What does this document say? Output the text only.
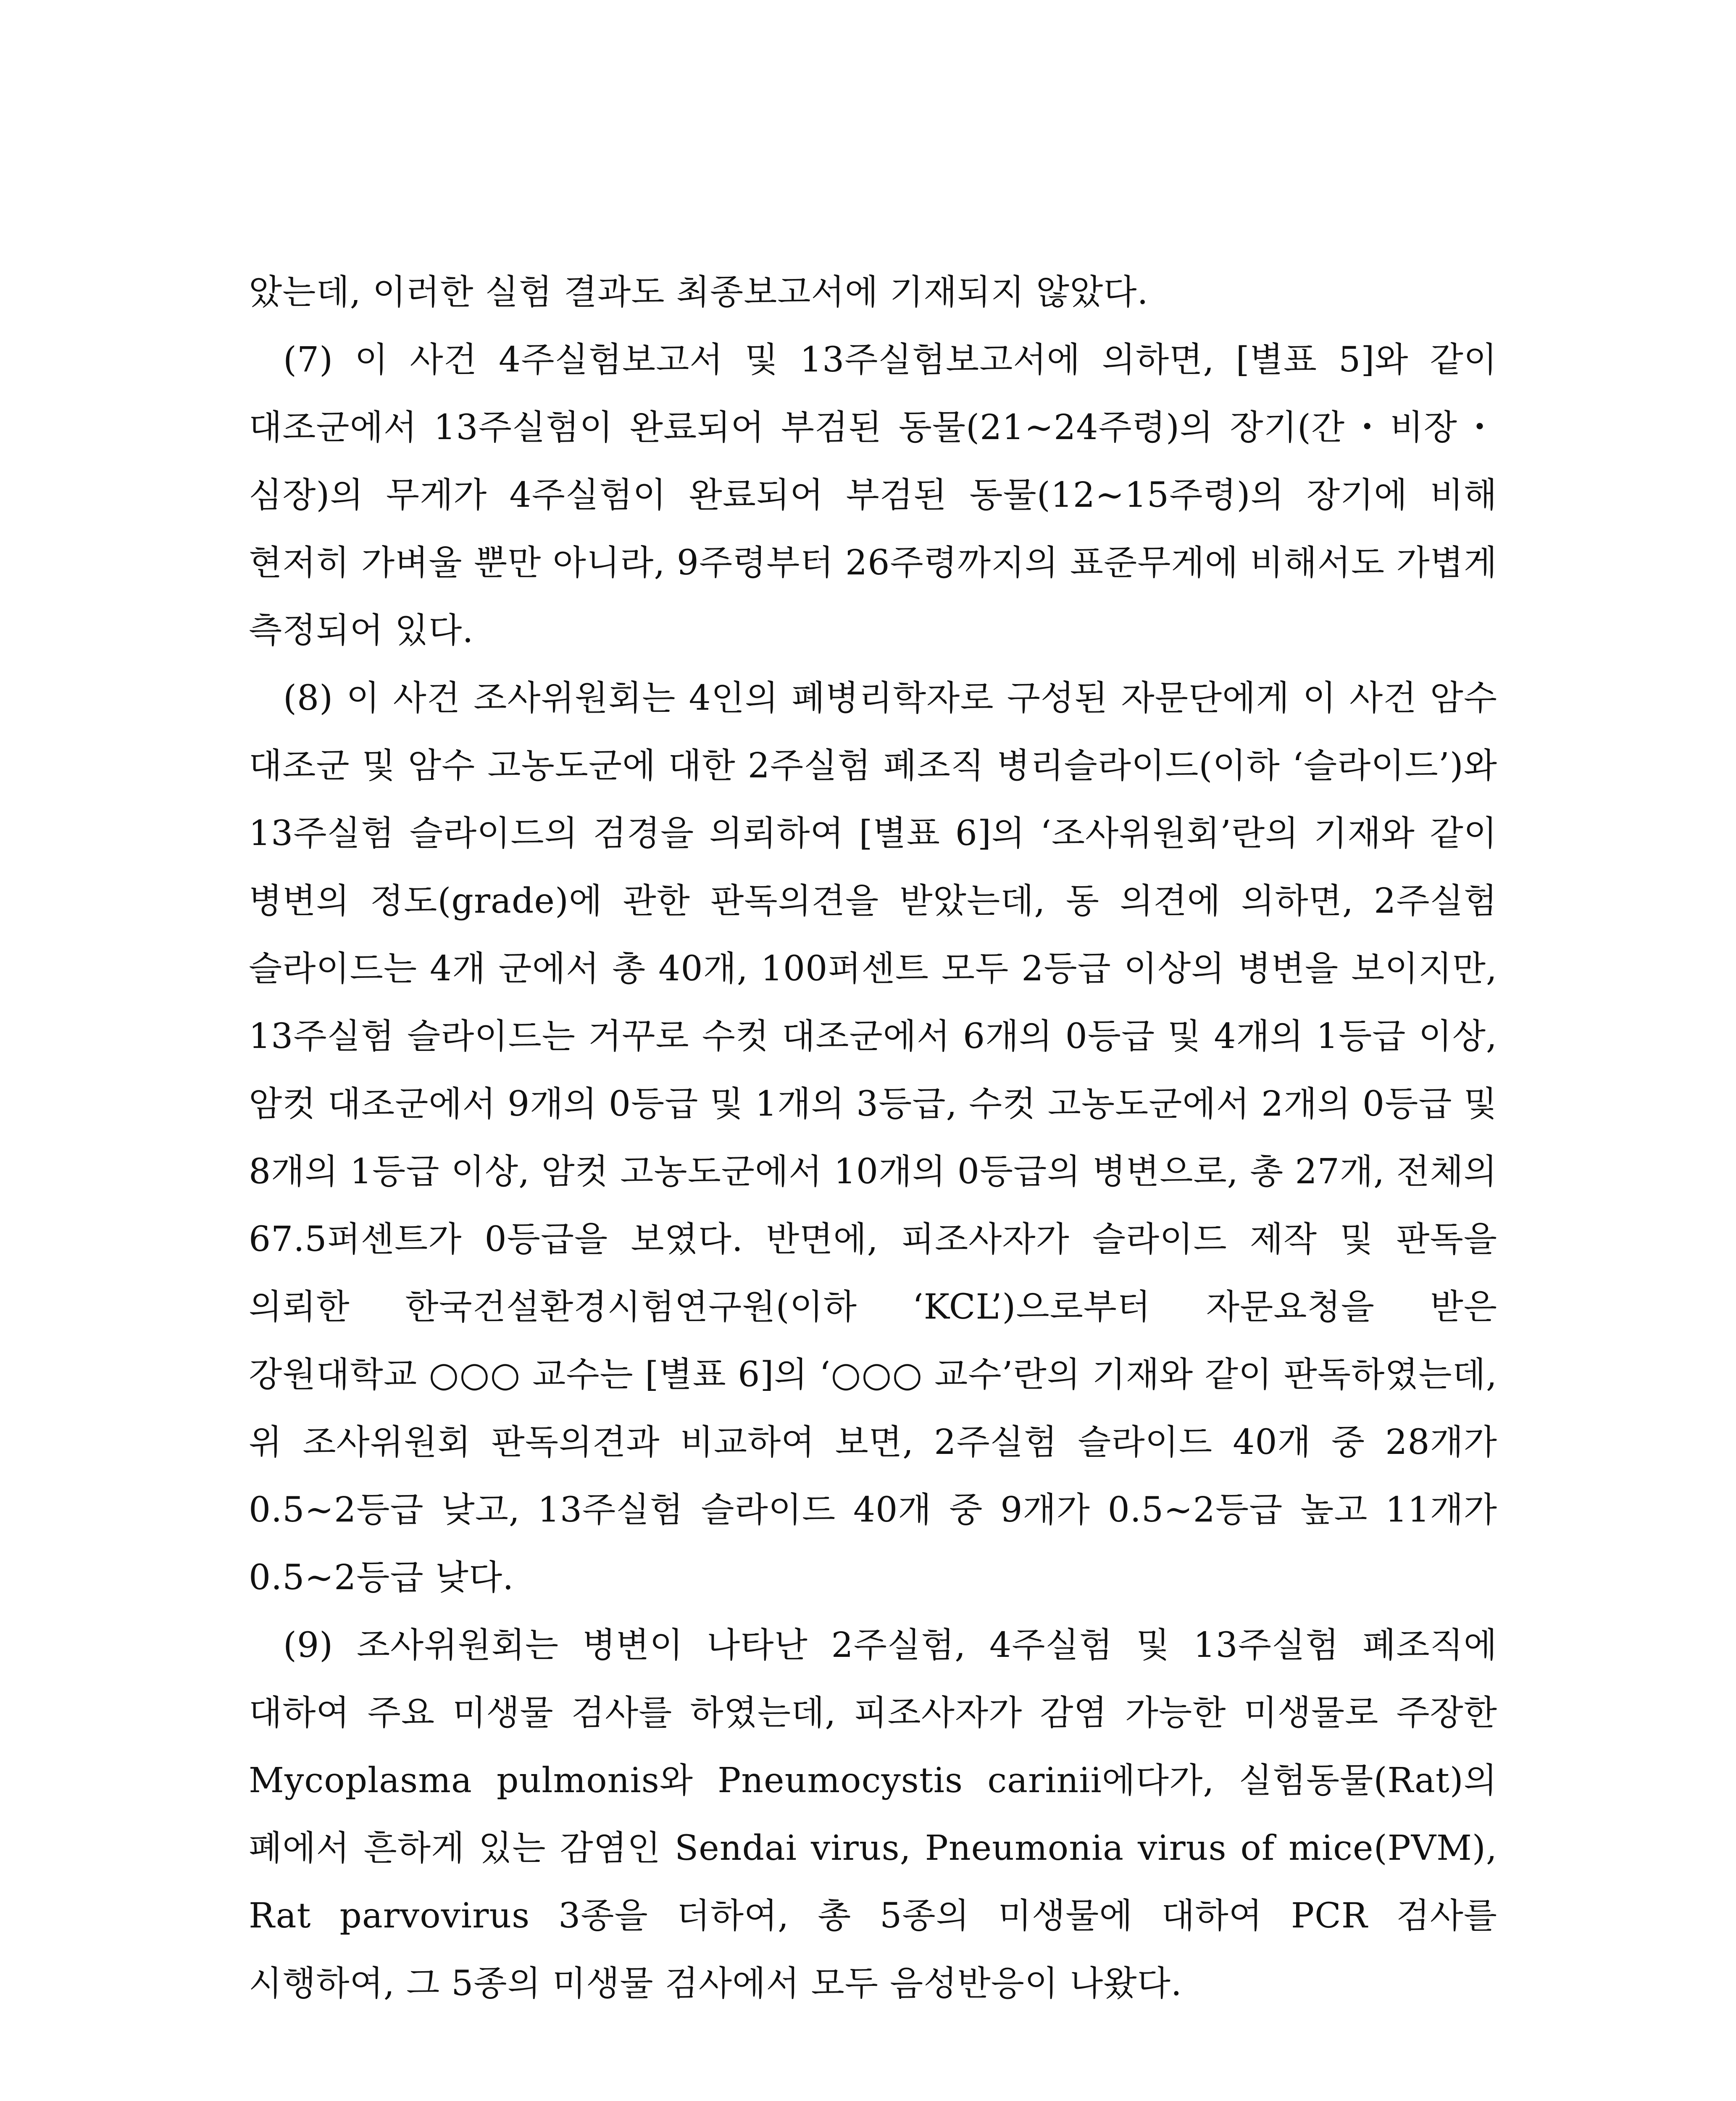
았는데, 이러한 실험 결과도 최종보고서에 기재되지 않았다.

(7) 이 사건 4주실험보고서 및 13주실험보고서에 의하면, [별표 5]와 같이 대조군에서 13주실험이 완료되어 부검된 동물(21∼24주령)의 장기(간・비장・심장)의 무게가 4주실험이 완료되어 부검된 동물(12∼15주령)의 장기에 비해 현저히 가벼울 뿐만 아니라, 9주령부터 26주령까지의 표준무게에 비해서도 가볍게 측정되어 있다.

(8) 이 사건 조사위원회는 4인의 폐병리학자로 구성된 자문단에게 이 사건 암수 대조군 및 암수 고농도군에 대한 2주실험 폐조직 병리슬라이드(이하 ‘슬라이드’)와 13주실험 슬라이드의 검경을 의뢰하여 [별표 6]의 ‘조사위원회’란의 기재와 같이 병변의 정도(grade)에 관한 판독의견을 받았는데, 동 의견에 의하면, 2주실험 슬라이드는 4개 군에서 총 40개, 100퍼센트 모두 2등급 이상의 병변을 보이지만, 13주실험 슬라이드는 거꾸로 수컷 대조군에서 6개의 0등급 및 4개의 1등급 이상, 암컷 대조군에서 9개의 0등급 및 1개의 3등급, 수컷 고농도군에서 2개의 0등급 및 8개의 1등급 이상, 암컷 고농도군에서 10개의 0등급의 병변으로, 총 27개, 전체의 67.5퍼센트가 0등급을 보였다. 반면에, 피조사자가 슬라이드 제작 및 판독을 의뢰한 한국건설환경시험연구원(이하 ‘KCL’)으로부터 자문요청을 받은 강원대학교 ○○○ 교수는 [별표 6]의 ‘○○○ 교수’란의 기재와 같이 판독하였는데, 위 조사위원회 판독의견과 비교하여 보면, 2주실험 슬라이드 40개 중 28개가 0.5∼2등급 낮고, 13주실험 슬라이드 40개 중 9개가 0.5∼2등급 높고 11개가 0.5∼2등급 낮다.

(9) 조사위원회는 병변이 나타난 2주실험, 4주실험 및 13주실험 폐조직에 대하여 주요 미생물 검사를 하였는데, 피조사자가 감염 가능한 미생물로 주장한 Mycoplasma pulmonis와 Pneumocystis carinii에다가, 실험동물(Rat)의 폐에서 흔하게 있는 감염인 Sendai virus, Pneumonia virus of mice(PVM), Rat parvovirus 3종을 더하여, 총 5종의 미생물에 대하여 PCR 검사를 시행하여, 그 5종의 미생물 검사에서 모두 음성반응이 나왔다.
